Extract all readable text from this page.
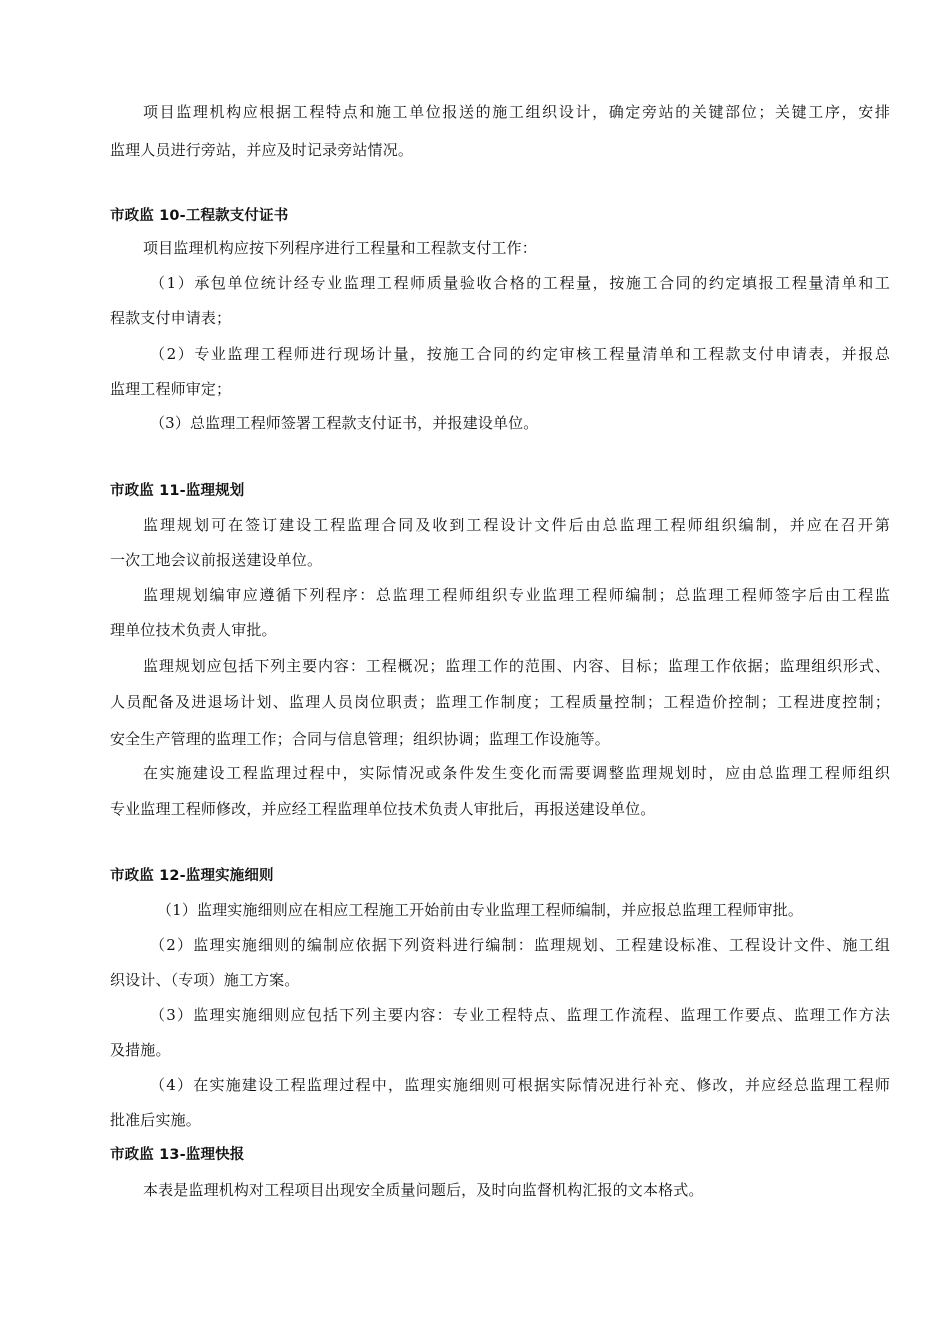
项目监理机构应根据工程特点和施工单位报送的施工组织设计，确定旁站的关键部位；关键工序，安排
监理人员进行旁站，并应及时记录旁站情况。
市政监 10-工程款支付证书
项目监理机构应按下列程序进行工程量和工程款支付工作：
（1）承包单位统计经专业监理工程师质量验收合格的工程量，按施工合同的约定填报工程量清单和工
程款支付申请表；
（2）专业监理工程师进行现场计量，按施工合同的约定审核工程量清单和工程款支付申请表，并报总
监理工程师审定；
（3）总监理工程师签署工程款支付证书，并报建设单位。
市政监 11-监理规划
监理规划可在签订建设工程监理合同及收到工程设计文件后由总监理工程师组织编制，并应在召开第
一次工地会议前报送建设单位。
监理规划编审应遵循下列程序：总监理工程师组织专业监理工程师编制；总监理工程师签字后由工程监
理单位技术负责人审批。
监理规划应包括下列主要内容：工程概况；监理工作的范围、内容、目标；监理工作依据；监理组织形式、
人员配备及进退场计划、监理人员岗位职责；监理工作制度；工程质量控制；工程造价控制；工程进度控制；
安全生产管理的监理工作；合同与信息管理；组织协调；监理工作设施等。
在实施建设工程监理过程中，实际情况或条件发生变化而需要调整监理规划时，应由总监理工程师组织
专业监理工程师修改，并应经工程监理单位技术负责人审批后，再报送建设单位。
市政监 12-监理实施细则
（1）监理实施细则应在相应工程施工开始前由专业监理工程师编制，并应报总监理工程师审批。
（2）监理实施细则的编制应依据下列资料进行编制：监理规划、工程建设标准、工程设计文件、施工组
织设计、（专项）施工方案。
（3）监理实施细则应包括下列主要内容：专业工程特点、监理工作流程、监理工作要点、监理工作方法
及措施。
（4）在实施建设工程监理过程中，监理实施细则可根据实际情况进行补充、修改，并应经总监理工程师
批准后实施。
市政监 13-监理快报
本表是监理机构对工程项目出现安全质量问题后，及时向监督机构汇报的文本格式。
